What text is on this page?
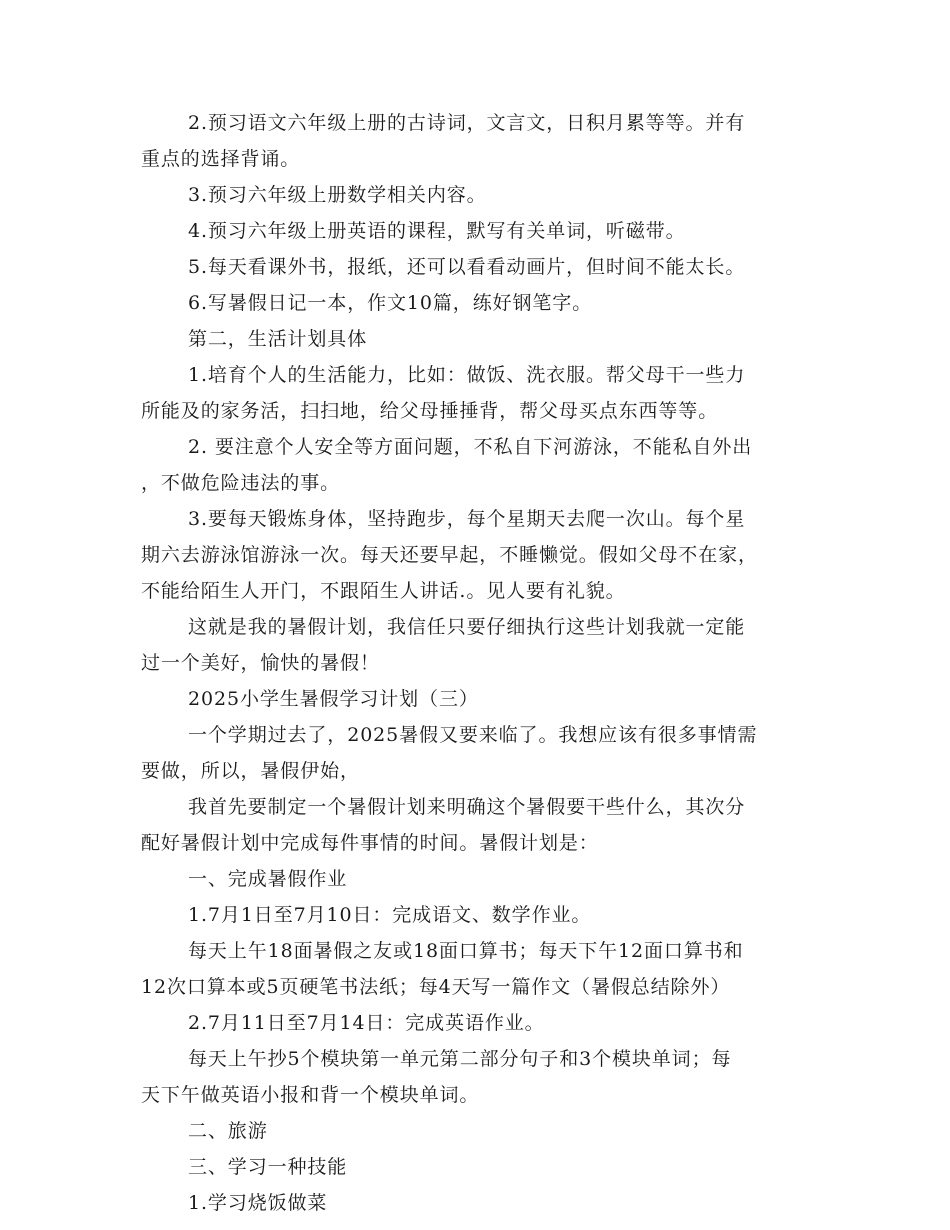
2.预习语文六年级上册的古诗词，文言文，日积月累等等。并有
重点的选择背诵。
3.预习六年级上册数学相关内容。
4.预习六年级上册英语的课程，默写有关单词，听磁带。
5.每天看课外书，报纸，还可以看看动画片，但时间不能太长。
6.写暑假日记一本，作文10篇，练好钢笔字。
第二，生活计划具体
1.培育个人的生活能力，比如：做饭、洗衣服。帮父母干一些力
所能及的家务活，扫扫地，给父母捶捶背，帮父母买点东西等等。
2. 要注意个人安全等方面问题，不私自下河游泳，不能私自外出
，不做危险违法的事。
3.要每天锻炼身体，坚持跑步，每个星期天去爬一次山。每个星
期六去游泳馆游泳一次。每天还要早起，不睡懒觉。假如父母不在家，
不能给陌生人开门，不跟陌生人讲话.。见人要有礼貌。
这就是我的暑假计划，我信任只要仔细执行这些计划我就一定能
过一个美好，愉快的暑假！
2025小学生暑假学习计划（三）
一个学期过去了，2025暑假又要来临了。我想应该有很多事情需
要做，所以，暑假伊始，
我首先要制定一个暑假计划来明确这个暑假要干些什么，其次分
配好暑假计划中完成每件事情的时间。暑假计划是：
一、完成暑假作业
1.7月1日至7月10日：完成语文、数学作业。
每天上午18面暑假之友或18面口算书；每天下午12面口算书和
12次口算本或5页硬笔书法纸；每4天写一篇作文（暑假总结除外）
2.7月11日至7月14日：完成英语作业。
每天上午抄5个模块第一单元第二部分句子和3个模块单词；每
天下午做英语小报和背一个模块单词。
二、旅游
三、学习一种技能
1.学习烧饭做菜
